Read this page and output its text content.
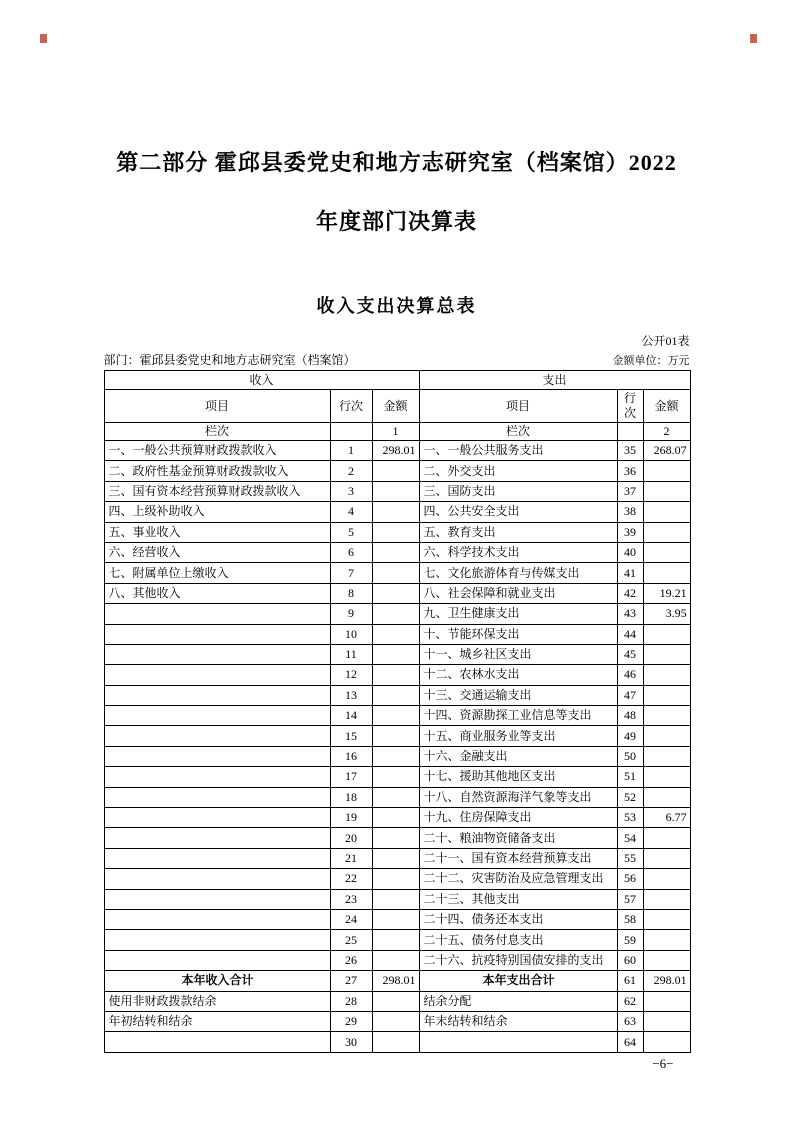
第二部分 霍邱县委党史和地方志研究室（档案馆）2022
年度部门决算表
收入支出决算总表
公开01表
部门：霍邱县委党史和地方志研究室（档案馆）	金额单位：万元
收入			支出		
项目	行次	金额	项目	行次	金额
栏次		1	栏次		2
一、一般公共预算财政拨款收入	1	298.01	一、一般公共服务支出	35	268.07
二、政府性基金预算财政拨款收入	2		二、外交支出	36	
三、国有资本经营预算财政拨款收入	3		三、国防支出	37	
四、上级补助收入	4		四、公共安全支出	38	
五、事业收入	5		五、教育支出	39	
六、经营收入	6		六、科学技术支出	40	
七、附属单位上缴收入	7		七、文化旅游体育与传媒支出	41	
八、其他收入	8		八、社会保障和就业支出	42	19.21
	9		九、卫生健康支出	43	3.95
	10		十、节能环保支出	44	
	11		十一、城乡社区支出	45	
	12		十二、农林水支出	46	
	13		十三、交通运输支出	47	
	14		十四、资源勘探工业信息等支出	48	
	15		十五、商业服务业等支出	49	
	16		十六、金融支出	50	
	17		十七、援助其他地区支出	51	
	18		十八、自然资源海洋气象等支出	52	
	19		十九、住房保障支出	53	6.77
	20		二十、粮油物资储备支出	54	
	21		二十一、国有资本经营预算支出	55	
	22		二十二、灾害防治及应急管理支出	56	
	23		二十三、其他支出	57	
	24		二十四、债务还本支出	58	
	25		二十五、债务付息支出	59	
	26		二十六、抗疫特别国债安排的支出	60	
本年收入合计	27	298.01	本年支出合计	61	298.01
使用非财政拨款结余	28		结余分配	62	
年初结转和结余	29		年末结转和结余	63	
	30			64	
−6−
